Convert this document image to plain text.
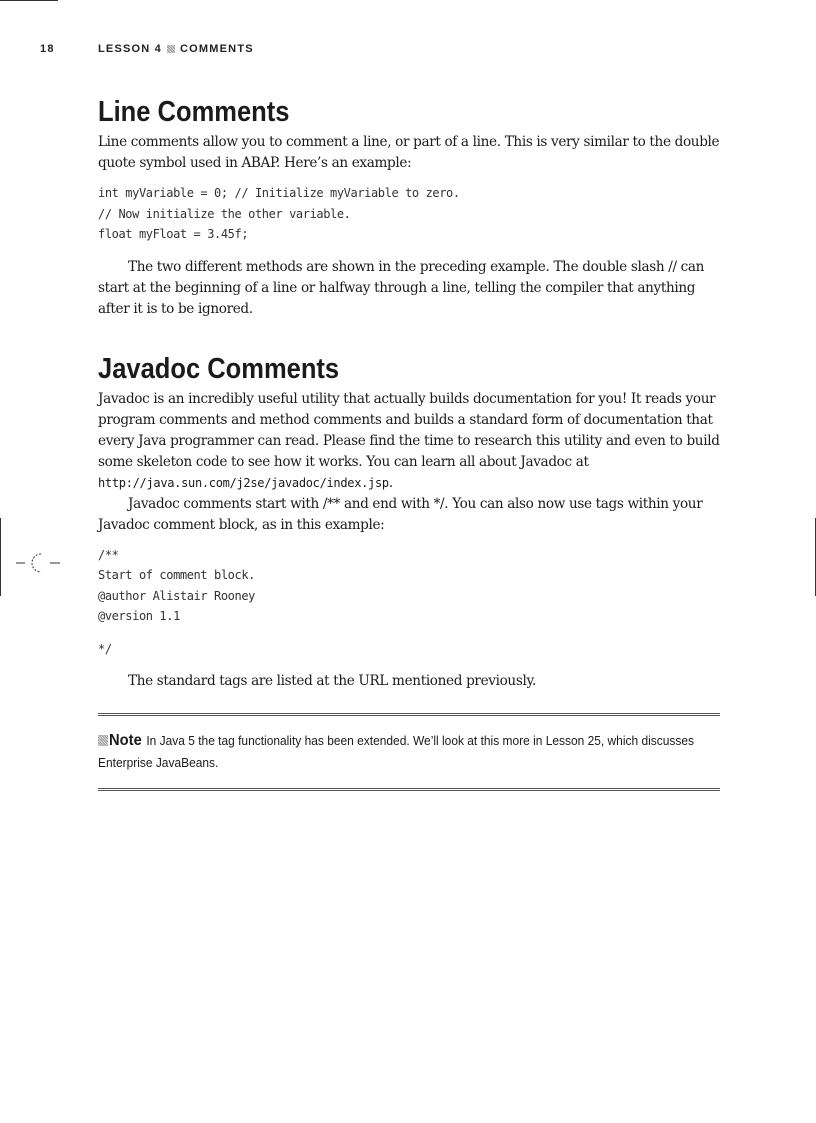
18	LESSON 4 COMMENTS
Line Comments

Line comments allow you to comment a line, or part of a line. This is very similar to the double quote symbol used in ABAP. Here’s an example:

int myVariable = 0; // Initialize myVariable to zero.
// Now initialize the other variable.
float myFloat = 3.45f;

The two different methods are shown in the preceding example. The double slash // can start at the beginning of a line or halfway through a line, telling the compiler that anything after it is to be ignored.

Javadoc Comments

Javadoc is an incredibly useful utility that actually builds documentation for you! It reads your program comments and method comments and builds a standard form of documentation that every Java programmer can read. Please find the time to research this utility and even to build some skeleton code to see how it works. You can learn all about Javadoc at http://java.sun.com/j2se/javadoc/index.jsp.

Javadoc comments start with /** and end with */. You can also now use tags within your Javadoc comment block, as in this example:

/**
Start of comment block.
@author Alistair Rooney
@version 1.1
*/

The standard tags are listed at the URL mentioned previously.

Note In Java 5 the tag functionality has been extended. We’ll look at this more in Lesson 25, which discusses Enterprise JavaBeans.
